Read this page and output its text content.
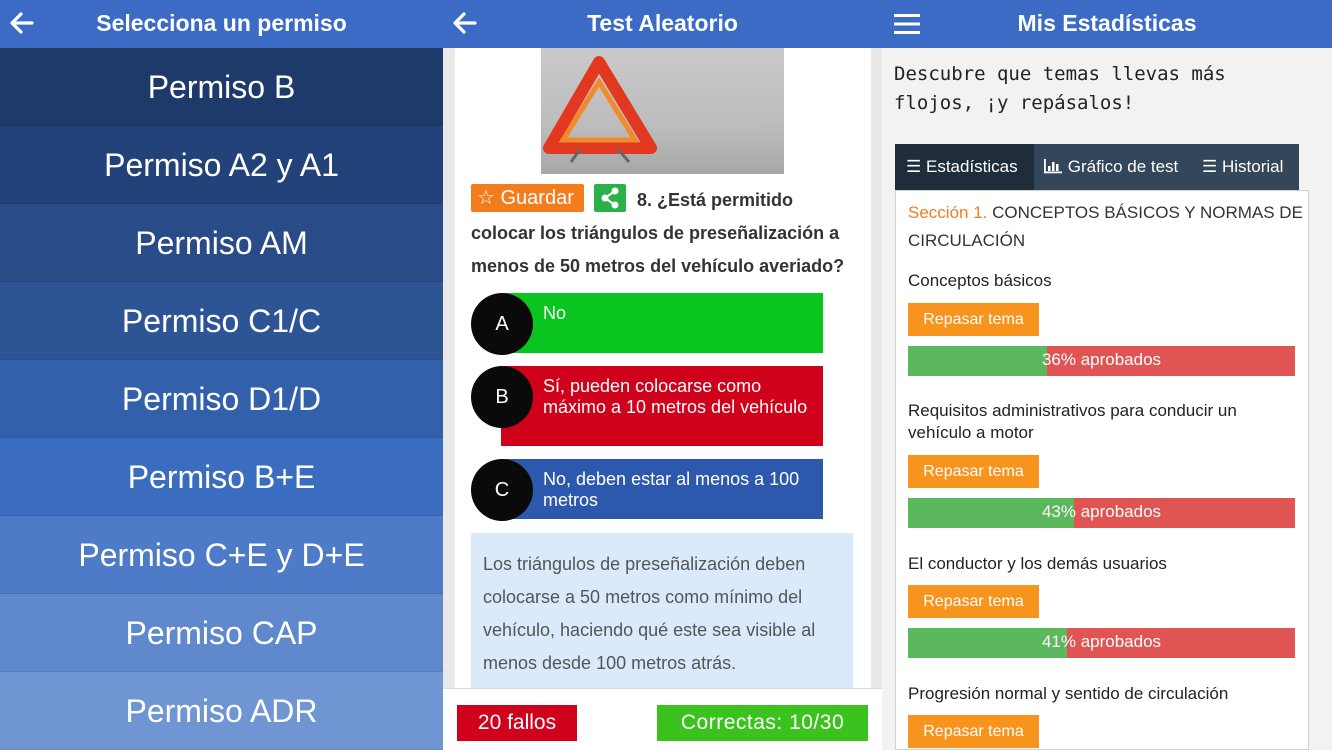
Selecciona un permiso
Permiso B
Permiso A2 y A1
Permiso AM
Permiso C1/C
Permiso D1/D
Permiso B+E
Permiso C+E y D+E
Permiso CAP
Permiso ADR
Test Aleatorio
8. ¿Está permitido colocar los triángulos de preseñalización a menos de 50 metros del vehículo averiado?
☆ Guardar
A	No
B	Sí, pueden colocarse como máximo a 10 metros del vehículo
C	No, deben estar al menos a 100 metros
Los triángulos de preseñalización deben colocarse a 50 metros como mínimo del vehículo, haciendo qué este sea visible al menos desde 100 metros atrás.
20 fallos	Correctas: 10/30
Mis Estadísticas
Descubre que temas llevas más flojos, ¡y repásalos!
☰ Estadísticas	Gráfico de test	☰ Historial
Sección 1. CONCEPTOS BÁSICOS Y NORMAS DE CIRCULACIÓN
Conceptos básicos
Repasar tema
36% aprobados
Requisitos administrativos para conducir un vehículo a motor
Repasar tema
43% aprobados
El conductor y los demás usuarios
Repasar tema
41% aprobados
Progresión normal y sentido de circulación
Repasar tema
